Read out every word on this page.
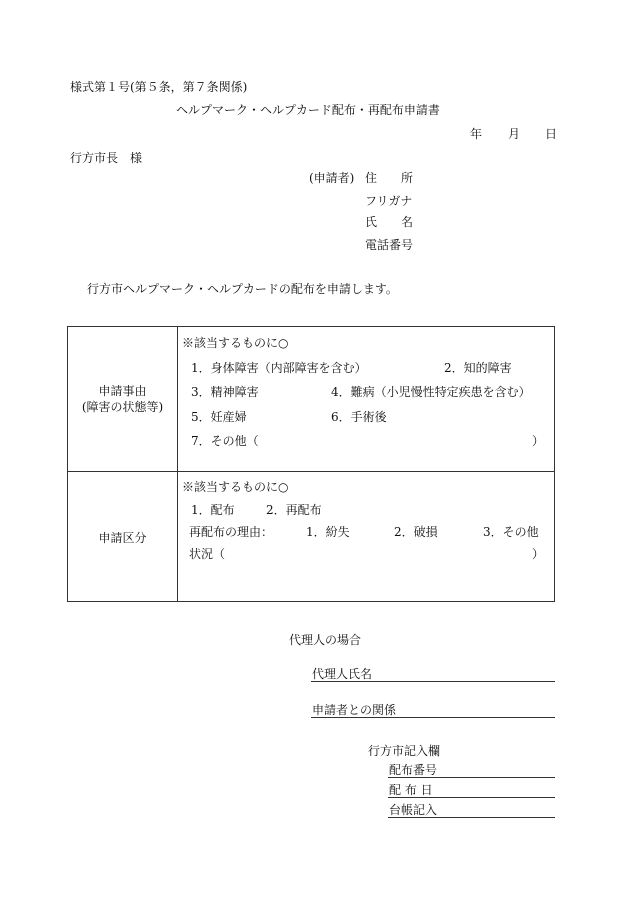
様式第１号(第５条，第７条関係)
ヘルプマーク・ヘルプカード配布・再配布申請書
年 月 日
行方市長　様
(申請者) 住　　所
フリガナ
氏　　名
電話番号
行方市ヘルプマーク・ヘルプカードの配布を申請します。
申請事由
(障害の状態等)
※該当するものに○
1．身体障害（内部障害を含む）	2．知的障害
3．精神障害	4．難病（小児慢性特定疾患を含む）
5．妊産婦	6．手術後
7．その他（	）
申請区分
※該当するものに○
1．配布	2．再配布
再配布の理由：	1．紛失	2．破損	3．その他
状況（	）
代理人の場合
代理人氏名
申請者との関係
行方市記入欄
配布番号
配 布 日
台帳記入
